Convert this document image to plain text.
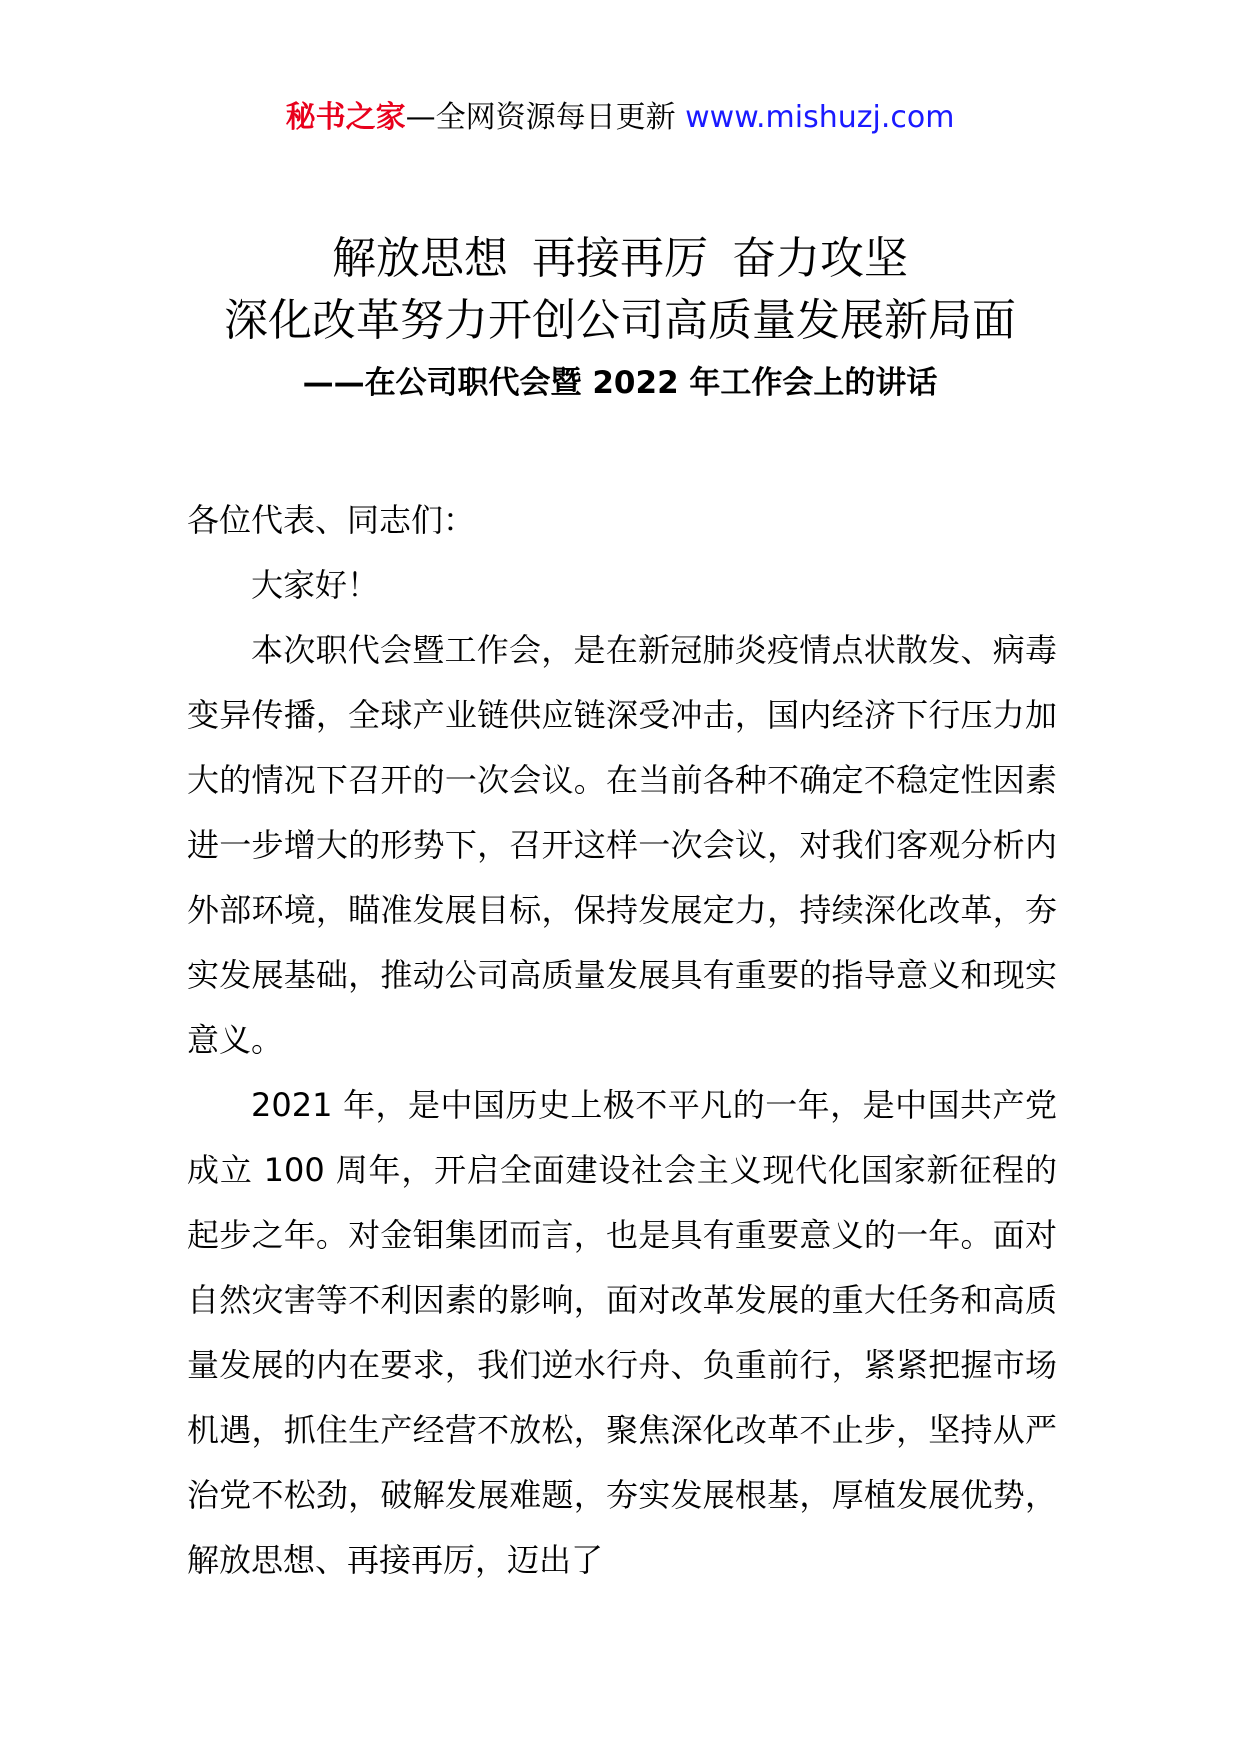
秘书之家—全网资源每日更新 www.mishuzj.com
解放思想 再接再厉 奋力攻坚
深化改革努力开创公司高质量发展新局面
——在公司职代会暨 2022 年工作会上的讲话

各位代表、同志们：

大家好！

本次职代会暨工作会，是在新冠肺炎疫情点状散发、病毒变异传播，全球产业链供应链深受冲击，国内经济下行压力加大的情况下召开的一次会议。在当前各种不确定不稳定性因素进一步增大的形势下，召开这样一次会议，对我们客观分析内外部环境，瞄准发展目标，保持发展定力，持续深化改革，夯实发展基础，推动公司高质量发展具有重要的指导意义和现实意义。

2021 年，是中国历史上极不平凡的一年，是中国共产党成立 100 周年，开启全面建设社会主义现代化国家新征程的起步之年。对金钼集团而言，也是具有重要意义的一年。面对自然灾害等不利因素的影响，面对改革发展的重大任务和高质量发展的内在要求，我们逆水行舟、负重前行，紧紧把握市场机遇，抓住生产经营不放松，聚焦深化改革不止步，坚持从严治党不松劲，破解发展难题，夯实发展根基，厚植发展优势，解放思想、再接再厉，迈出了
